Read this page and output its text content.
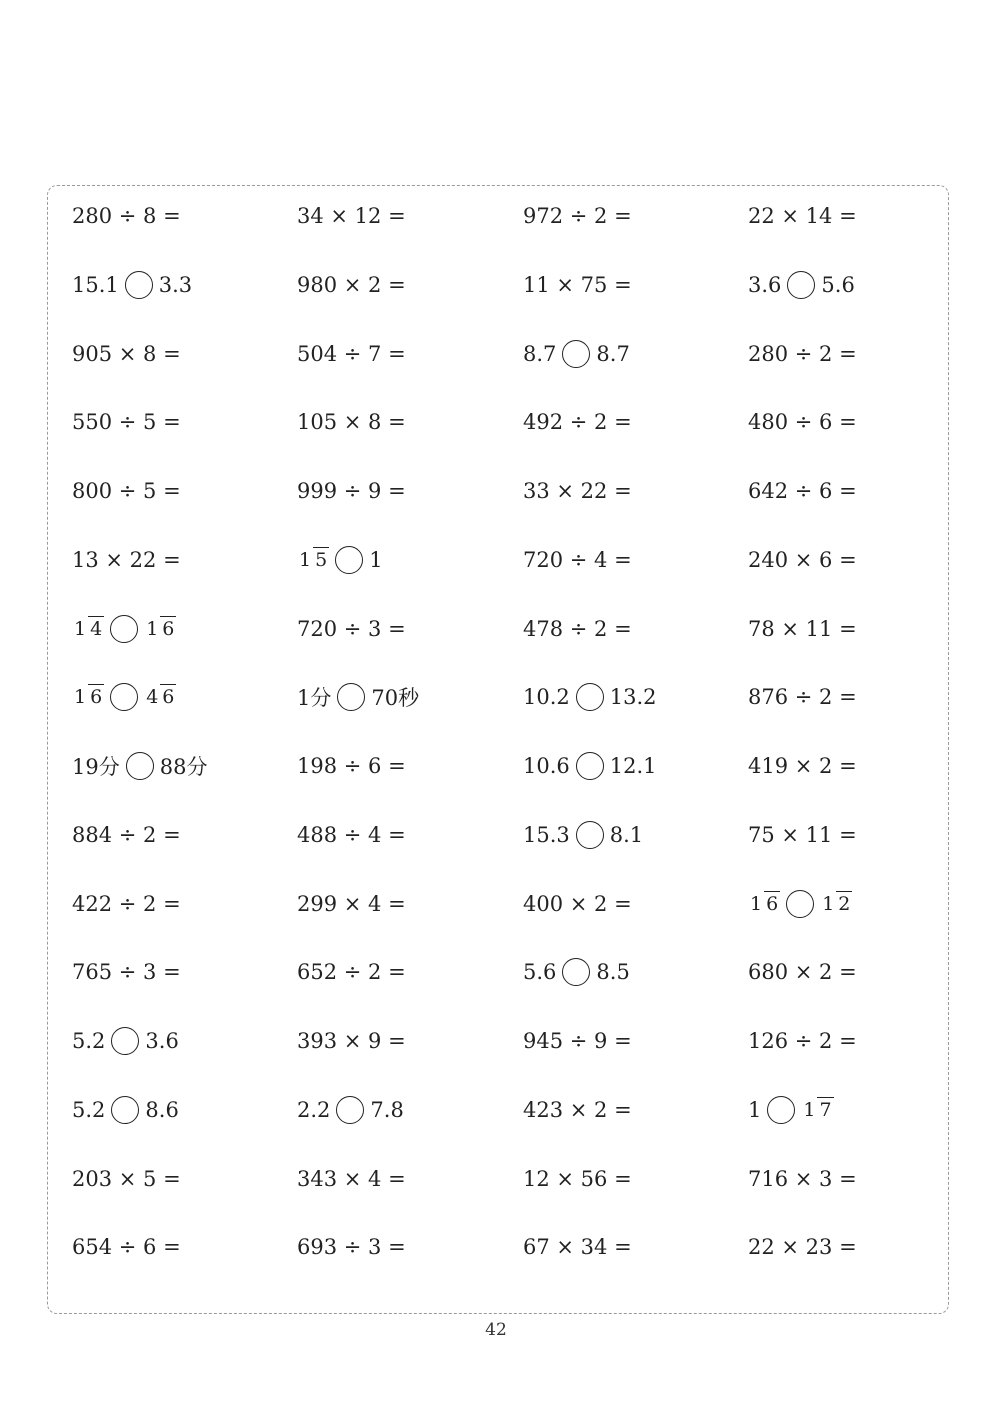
280 ÷ 8 =	34 × 12 =	972 ÷ 2 =	22 × 14 =
15.1 3.3	980 × 2 =	11 × 75 =	3.6 5.6
905 × 8 =	504 ÷ 7 =	8.7 8.7	280 ÷ 2 =
550 ÷ 5 =	105 × 8 =	492 ÷ 2 =	480 ÷ 6 =
800 ÷ 5 =	999 ÷ 9 =	33 × 22 =	642 ÷ 6 =
13 × 22 =	1 5 1	720 ÷ 4 =	240 × 6 =
1 4 1 6	720 ÷ 3 =	478 ÷ 2 =	78 × 11 =
1 6 4 6	1分 70秒	10.2 13.2	876 ÷ 2 =
19分 88分	198 ÷ 6 =	10.6 12.1	419 × 2 =
884 ÷ 2 =	488 ÷ 4 =	15.3 8.1	75 × 11 =
422 ÷ 2 =	299 × 4 =	400 × 2 =	1 6 1 2
765 ÷ 3 =	652 ÷ 2 =	5.6 8.5	680 × 2 =
5.2 3.6	393 × 9 =	945 ÷ 9 =	126 ÷ 2 =
5.2 8.6	2.2 7.8	423 × 2 =	1 1 7
203 × 5 =	343 × 4 =	12 × 56 =	716 × 3 =
654 ÷ 6 =	693 ÷ 3 =	67 × 34 =	22 × 23 =
42
